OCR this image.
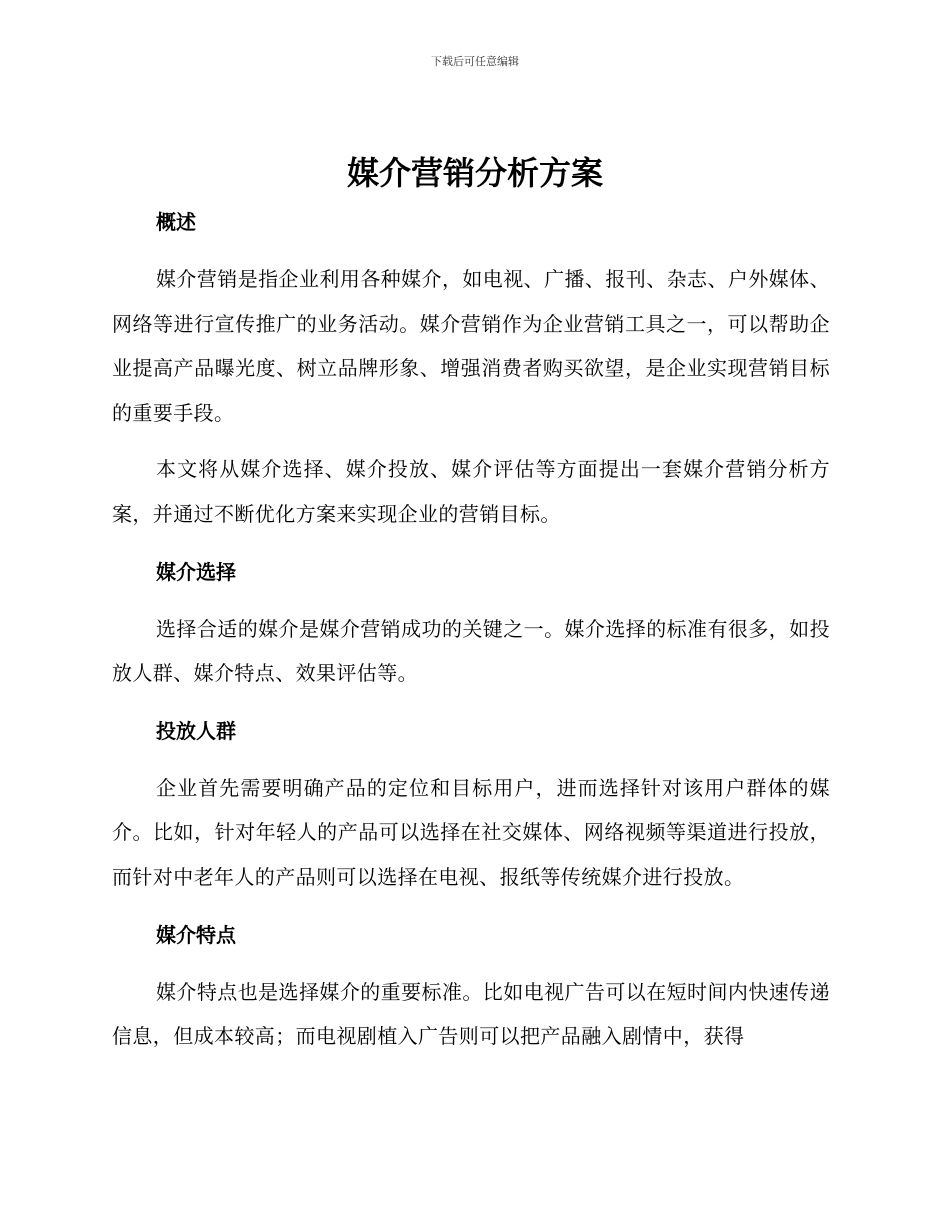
下载后可任意编辑
媒介营销分析方案
概述

媒介营销是指企业利用各种媒介，如电视、广播、报刊、杂志、户外媒体、网络等进行宣传推广的业务活动。媒介营销作为企业营销工具之一，可以帮助企业提高产品曝光度、树立品牌形象、增强消费者购买欲望，是企业实现营销目标的重要手段。

本文将从媒介选择、媒介投放、媒介评估等方面提出一套媒介营销分析方案，并通过不断优化方案来实现企业的营销目标。

媒介选择

选择合适的媒介是媒介营销成功的关键之一。媒介选择的标准有很多，如投放人群、媒介特点、效果评估等。

投放人群

企业首先需要明确产品的定位和目标用户，进而选择针对该用户群体的媒介。比如，针对年轻人的产品可以选择在社交媒体、网络视频等渠道进行投放，而针对中老年人的产品则可以选择在电视、报纸等传统媒介进行投放。

媒介特点

媒介特点也是选择媒介的重要标准。比如电视广告可以在短时间内快速传递信息，但成本较高；而电视剧植入广告则可以把产品融入剧情中，获得
